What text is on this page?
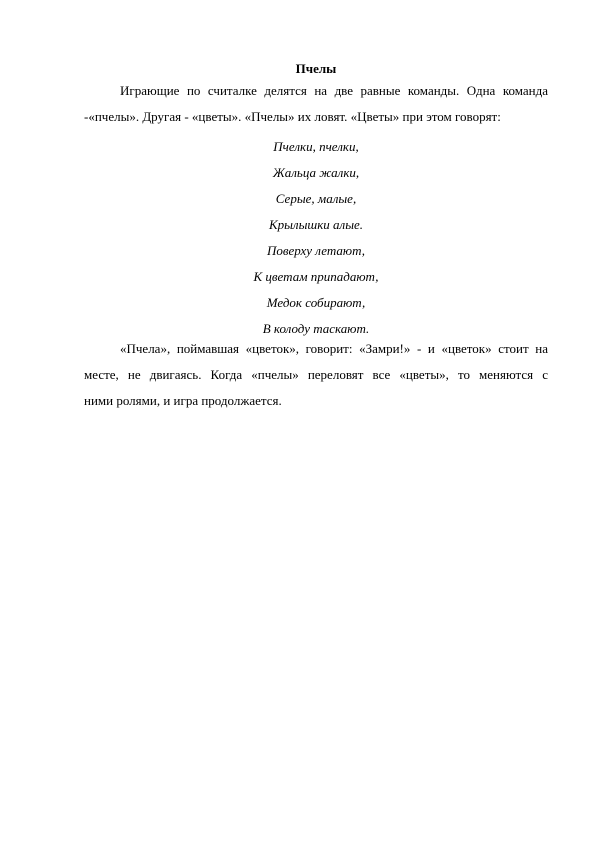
Пчелы

Играющие по считалке делятся на две равные команды. Одна команда
-«пчелы». Другая - «цветы». «Пчелы» их ловят. «Цветы» при этом говорят:

Пчелки, пчелки,
Жальца жалки,
Серые, малые,
Крылышки алые.
Поверху летают,
К цветам припадают,
Медок собирают,
В колоду таскают.

«Пчела», поймавшая «цветок», говорит: «Замри!» - и «цветок» стоит на
месте, не двигаясь. Когда «пчелы» переловят все «цветы», то меняются с
ними ролями, и игра продолжается.
